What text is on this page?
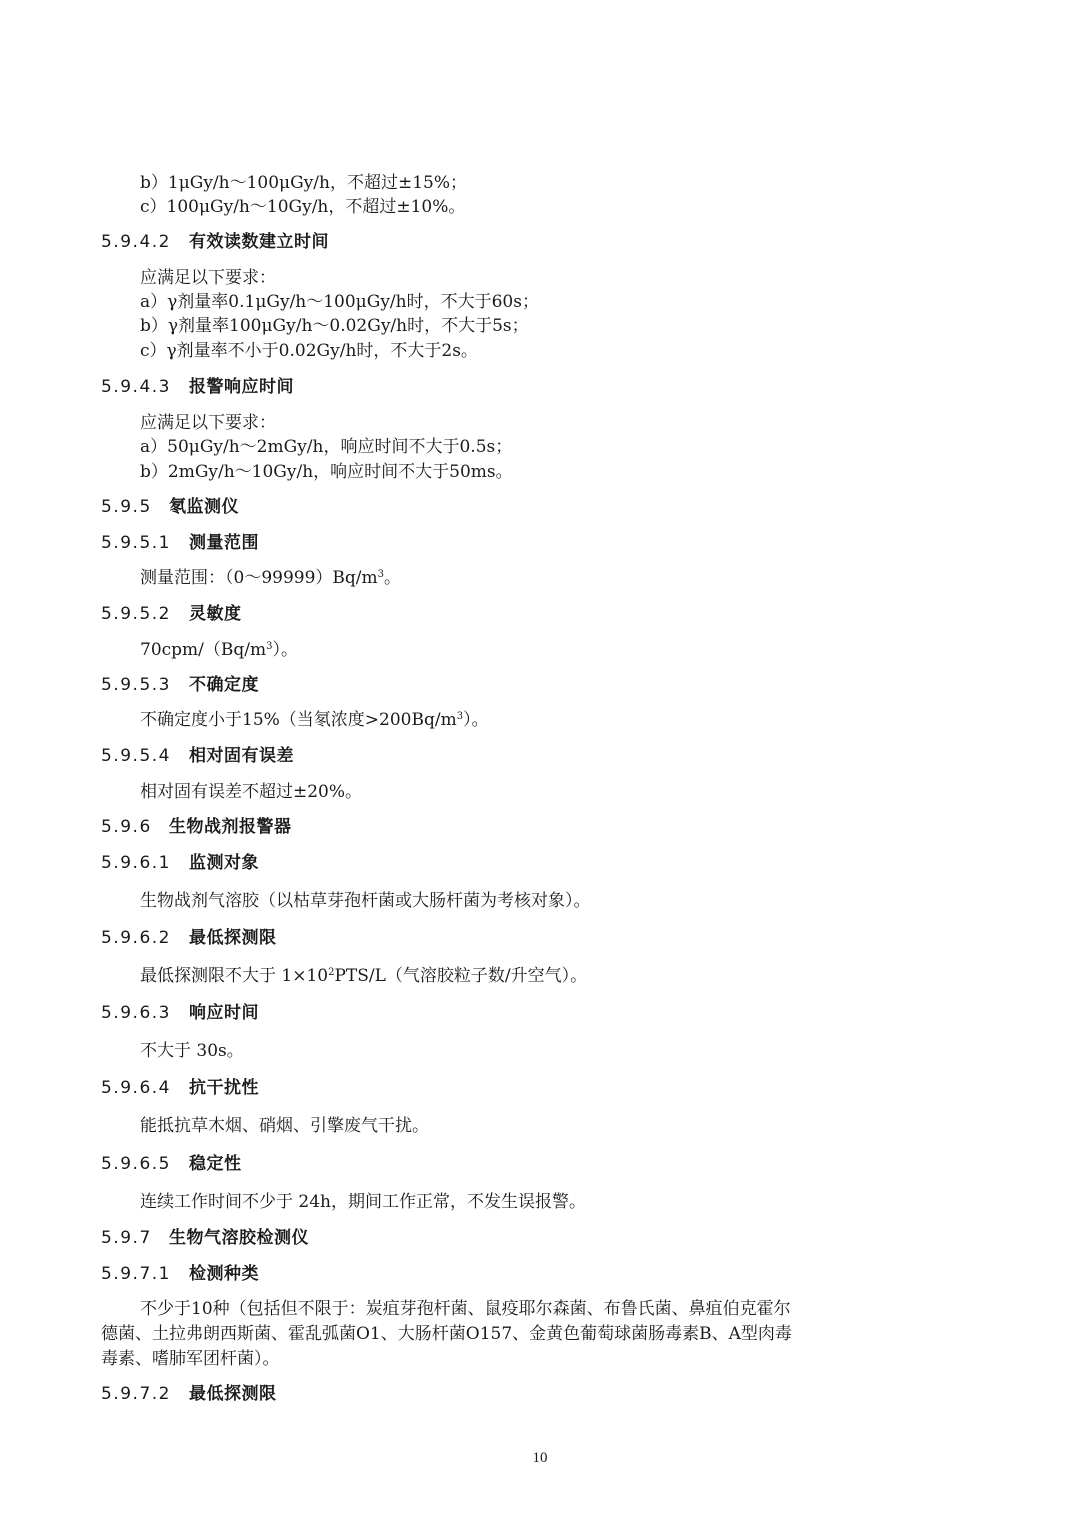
b）1μGy/h～100μGy/h，不超过±15%；
c）100μGy/h～10Gy/h，不超过±10%。
5.9.4.2 有效读数建立时间
应满足以下要求：
a）γ剂量率0.1μGy/h～100μGy/h时，不大于60s；
b）γ剂量率100μGy/h～0.02Gy/h时，不大于5s；
c）γ剂量率不小于0.02Gy/h时，不大于2s。
5.9.4.3 报警响应时间
应满足以下要求：
a）50μGy/h～2mGy/h，响应时间不大于0.5s；
b）2mGy/h～10Gy/h，响应时间不大于50ms。
5.9.5 氡监测仪
5.9.5.1 测量范围
测量范围：$(0\sim 99999)Bq/m^3$。
5.9.5.2 灵敏度
$70cpm/(Bq/m^3)$。
5.9.5.3 不确定度
不确定度小于15%（当氡浓度$>200Bq/m^3$）。
5.9.5.4 相对固有误差
相对固有误差不超过±20%。
5.9.6 生物战剂报警器
5.9.6.1 监测对象
生物战剂气溶胶（以枯草芽孢杆菌或大肠杆菌为考核对象）。
5.9.6.2 最低探测限
最低探测限不大于 $1\times 10^2PTS/L$（气溶胶粒子数/升空气）。
5.9.6.3 响应时间
不大于 30s。
5.9.6.4 抗干扰性
能抵抗草木烟、硝烟、引擎废气干扰。
5.9.6.5 稳定性
连续工作时间不少于 24h，期间工作正常，不发生误报警。
5.9.7 生物气溶胶检测仪
5.9.7.1 检测种类
不少于10种（包括但不限于：炭疽芽孢杆菌、鼠疫耶尔森菌、布鲁氏菌、鼻疽伯克霍尔
德菌、土拉弗朗西斯菌、霍乱弧菌O1、大肠杆菌O157、金黄色葡萄球菌肠毒素B、A型肉毒
毒素、嗜肺军团杆菌）。
5.9.7.2 最低探测限
10
